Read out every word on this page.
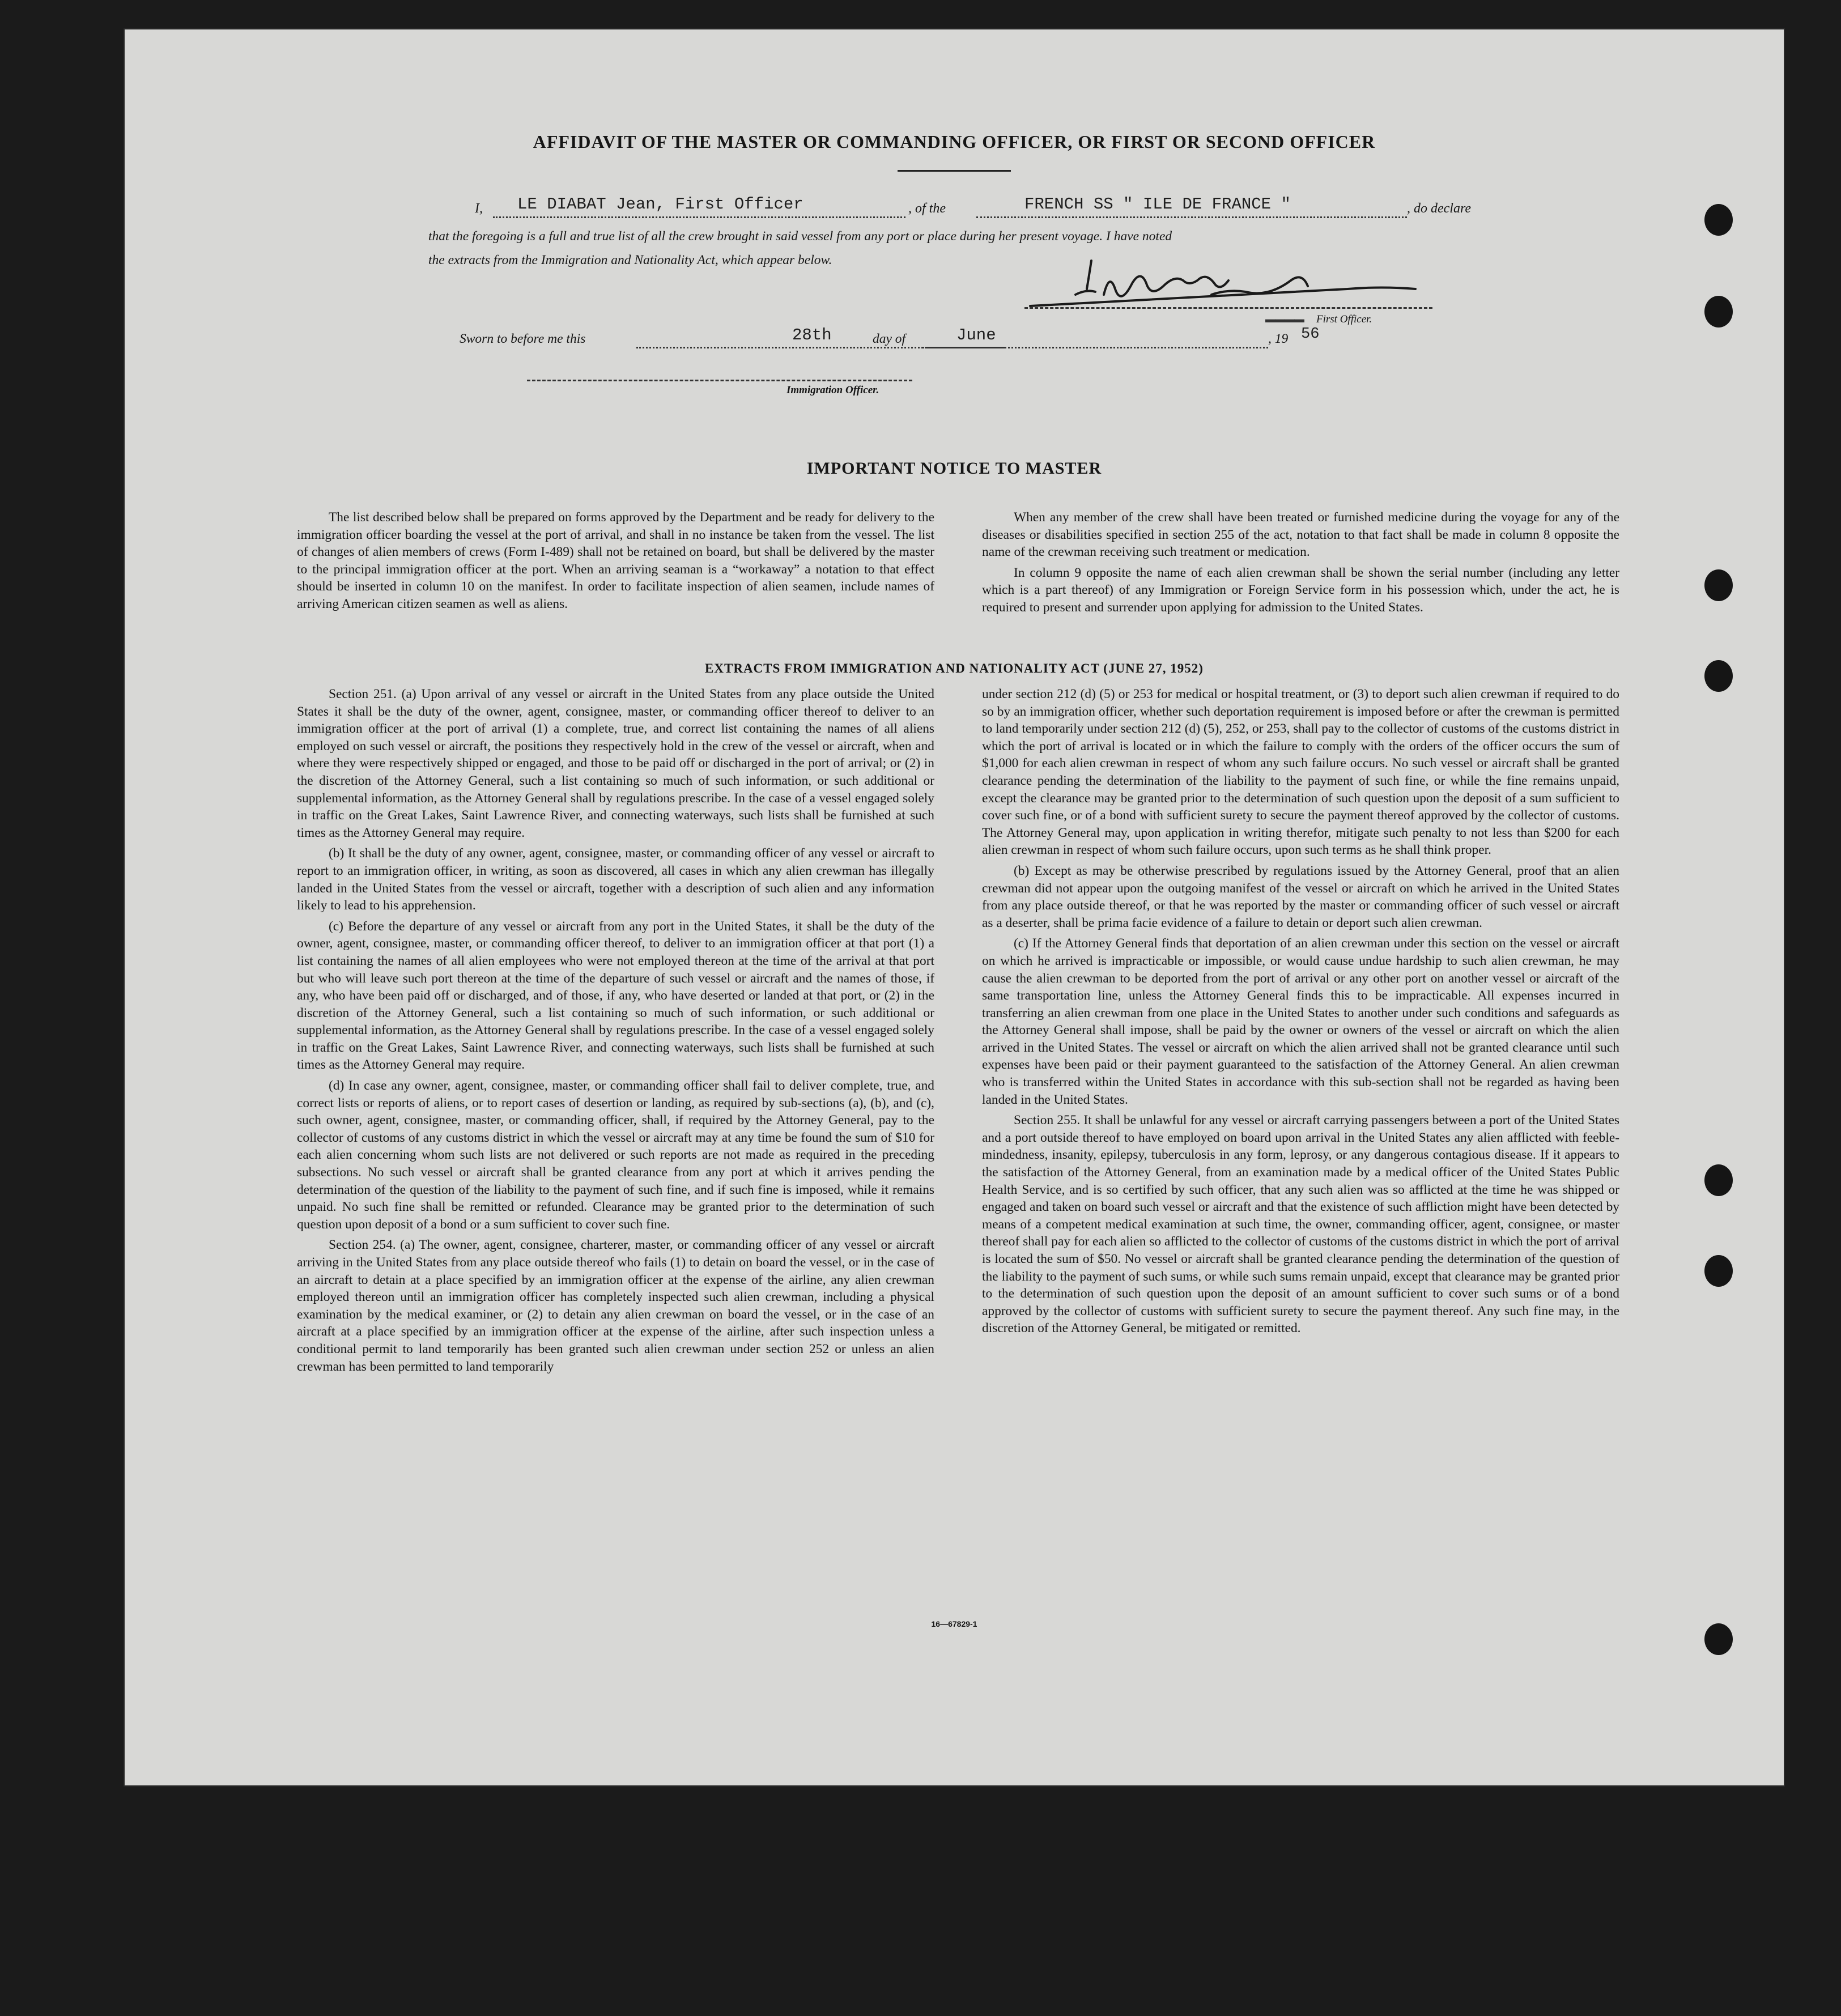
AFFIDAVIT OF THE MASTER OR COMMANDING OFFICER, OR FIRST OR SECOND OFFICER
I, LE DIABAT Jean, First Officer	, of the	FRENCH SS " ILE DE FRANCE "	, do declare
that the foregoing is a full and true list of all the crew brought in said vessel from any port or place during her present voyage. I have noted
the extracts from the Immigration and Nationality Act, which appear below.
▬▬▬▬ First Officer.
Sworn to before me this	28th	day of	June	, 19 56
Immigration Officer.
IMPORTANT NOTICE TO MASTER

The list described below shall be prepared on forms approved by the Department and be ready for delivery to the immigration officer boarding the vessel at the port of arrival, and shall in no instance be taken from the vessel. The list of changes of alien members of crews (Form I-489) shall not be retained on board, but shall be delivered by the master to the principal immigration officer at the port. When an arriving seaman is a “workaway” a notation to that effect should be inserted in column 10 on the manifest. In order to facilitate inspection of alien seamen, include names of arriving American citizen seamen as well as aliens.

When any member of the crew shall have been treated or furnished medicine during the voyage for any of the diseases or disabilities specified in section 255 of the act, notation to that fact shall be made in column 8 opposite the name of the crewman receiving such treatment or medication.

In column 9 opposite the name of each alien crewman shall be shown the serial number (including any letter which is a part thereof) of any Immigration or Foreign Service form in his possession which, under the act, he is required to present and surrender upon applying for admission to the United States.

EXTRACTS FROM IMMIGRATION AND NATIONALITY ACT (JUNE 27, 1952)

Section 251. (a) Upon arrival of any vessel or aircraft in the United States from any place outside the United States it shall be the duty of the owner, agent, consignee, master, or commanding officer thereof to deliver to an immigration officer at the port of arrival (1) a complete, true, and correct list containing the names of all aliens employed on such vessel or aircraft, the positions they respectively hold in the crew of the vessel or aircraft, when and where they were respectively shipped or engaged, and those to be paid off or discharged in the port of arrival; or (2) in the discretion of the Attorney General, such a list containing so much of such information, or such additional or supplemental information, as the Attorney General shall by regulations prescribe. In the case of a vessel engaged solely in traffic on the Great Lakes, Saint Lawrence River, and connecting waterways, such lists shall be furnished at such times as the Attorney General may require.

(b) It shall be the duty of any owner, agent, consignee, master, or commanding officer of any vessel or aircraft to report to an immigration officer, in writing, as soon as discovered, all cases in which any alien crewman has illegally landed in the United States from the vessel or aircraft, together with a description of such alien and any information likely to lead to his apprehension.

(c) Before the departure of any vessel or aircraft from any port in the United States, it shall be the duty of the owner, agent, consignee, master, or commanding officer thereof, to deliver to an immigration officer at that port (1) a list containing the names of all alien employees who were not employed thereon at the time of the arrival at that port but who will leave such port thereon at the time of the departure of such vessel or aircraft and the names of those, if any, who have been paid off or discharged, and of those, if any, who have deserted or landed at that port, or (2) in the discretion of the Attorney General, such a list containing so much of such information, or such additional or supplemental information, as the Attorney General shall by regulations prescribe. In the case of a vessel engaged solely in traffic on the Great Lakes, Saint Lawrence River, and connecting waterways, such lists shall be furnished at such times as the Attorney General may require.

(d) In case any owner, agent, consignee, master, or commanding officer shall fail to deliver complete, true, and correct lists or reports of aliens, or to report cases of desertion or landing, as required by sub-sections (a), (b), and (c), such owner, agent, consignee, master, or commanding officer, shall, if required by the Attorney General, pay to the collector of customs of any customs district in which the vessel or aircraft may at any time be found the sum of $10 for each alien concerning whom such lists are not delivered or such reports are not made as required in the preceding subsections. No such vessel or aircraft shall be granted clearance from any port at which it arrives pending the determination of the question of the liability to the payment of such fine, and if such fine is imposed, while it remains unpaid. No such fine shall be remitted or refunded. Clearance may be granted prior to the determination of such question upon deposit of a bond or a sum sufficient to cover such fine.

Section 254. (a) The owner, agent, consignee, charterer, master, or commanding officer of any vessel or aircraft arriving in the United States from any place outside thereof who fails (1) to detain on board the vessel, or in the case of an aircraft to detain at a place specified by an immigration officer at the expense of the airline, any alien crewman employed thereon until an immigration officer has completely inspected such alien crewman, including a physical examination by the medical examiner, or (2) to detain any alien crewman on board the vessel, or in the case of an aircraft at a place specified by an immigration officer at the expense of the airline, after such inspection unless a conditional permit to land temporarily has been granted such alien crewman under section 252 or unless an alien crewman has been permitted to land temporarily

under section 212 (d) (5) or 253 for medical or hospital treatment, or (3) to deport such alien crewman if required to do so by an immigration officer, whether such deportation requirement is imposed before or after the crewman is permitted to land temporarily under section 212 (d) (5), 252, or 253, shall pay to the collector of customs of the customs district in which the port of arrival is located or in which the failure to comply with the orders of the officer occurs the sum of $1,000 for each alien crewman in respect of whom any such failure occurs. No such vessel or aircraft shall be granted clearance pending the determination of the liability to the payment of such fine, or while the fine remains unpaid, except the clearance may be granted prior to the determination of such question upon the deposit of a sum sufficient to cover such fine, or of a bond with sufficient surety to secure the payment thereof approved by the collector of customs. The Attorney General may, upon application in writing therefor, mitigate such penalty to not less than $200 for each alien crewman in respect of whom such failure occurs, upon such terms as he shall think proper.

(b) Except as may be otherwise prescribed by regulations issued by the Attorney General, proof that an alien crewman did not appear upon the outgoing manifest of the vessel or aircraft on which he arrived in the United States from any place outside thereof, or that he was reported by the master or commanding officer of such vessel or aircraft as a deserter, shall be prima facie evidence of a failure to detain or deport such alien crewman.

(c) If the Attorney General finds that deportation of an alien crewman under this section on the vessel or aircraft on which he arrived is impracticable or impossible, or would cause undue hardship to such alien crewman, he may cause the alien crewman to be deported from the port of arrival or any other port on another vessel or aircraft of the same transportation line, unless the Attorney General finds this to be impracticable. All expenses incurred in transferring an alien crewman from one place in the United States to another under such conditions and safeguards as the Attorney General shall impose, shall be paid by the owner or owners of the vessel or aircraft on which the alien arrived in the United States. The vessel or aircraft on which the alien arrived shall not be granted clearance until such expenses have been paid or their payment guaranteed to the satisfaction of the Attorney General. An alien crewman who is transferred within the United States in accordance with this sub-section shall not be regarded as having been landed in the United States.

Section 255. It shall be unlawful for any vessel or aircraft carrying passengers between a port of the United States and a port outside thereof to have employed on board upon arrival in the United States any alien afflicted with feeble-mindedness, insanity, epilepsy, tuberculosis in any form, leprosy, or any dangerous contagious disease. If it appears to the satisfaction of the Attorney General, from an examination made by a medical officer of the United States Public Health Service, and is so certified by such officer, that any such alien was so afflicted at the time he was shipped or engaged and taken on board such vessel or aircraft and that the existence of such affliction might have been detected by means of a competent medical examination at such time, the owner, commanding officer, agent, consignee, or master thereof shall pay for each alien so afflicted to the collector of customs of the customs district in which the port of arrival is located the sum of $50. No vessel or aircraft shall be granted clearance pending the determination of the question of the liability to the payment of such sums, or while such sums remain unpaid, except that clearance may be granted prior to the determination of such question upon the deposit of an amount sufficient to cover such sums or of a bond approved by the collector of customs with sufficient surety to secure the payment thereof. Any such fine may, in the discretion of the Attorney General, be mitigated or remitted.

16—67829-1
